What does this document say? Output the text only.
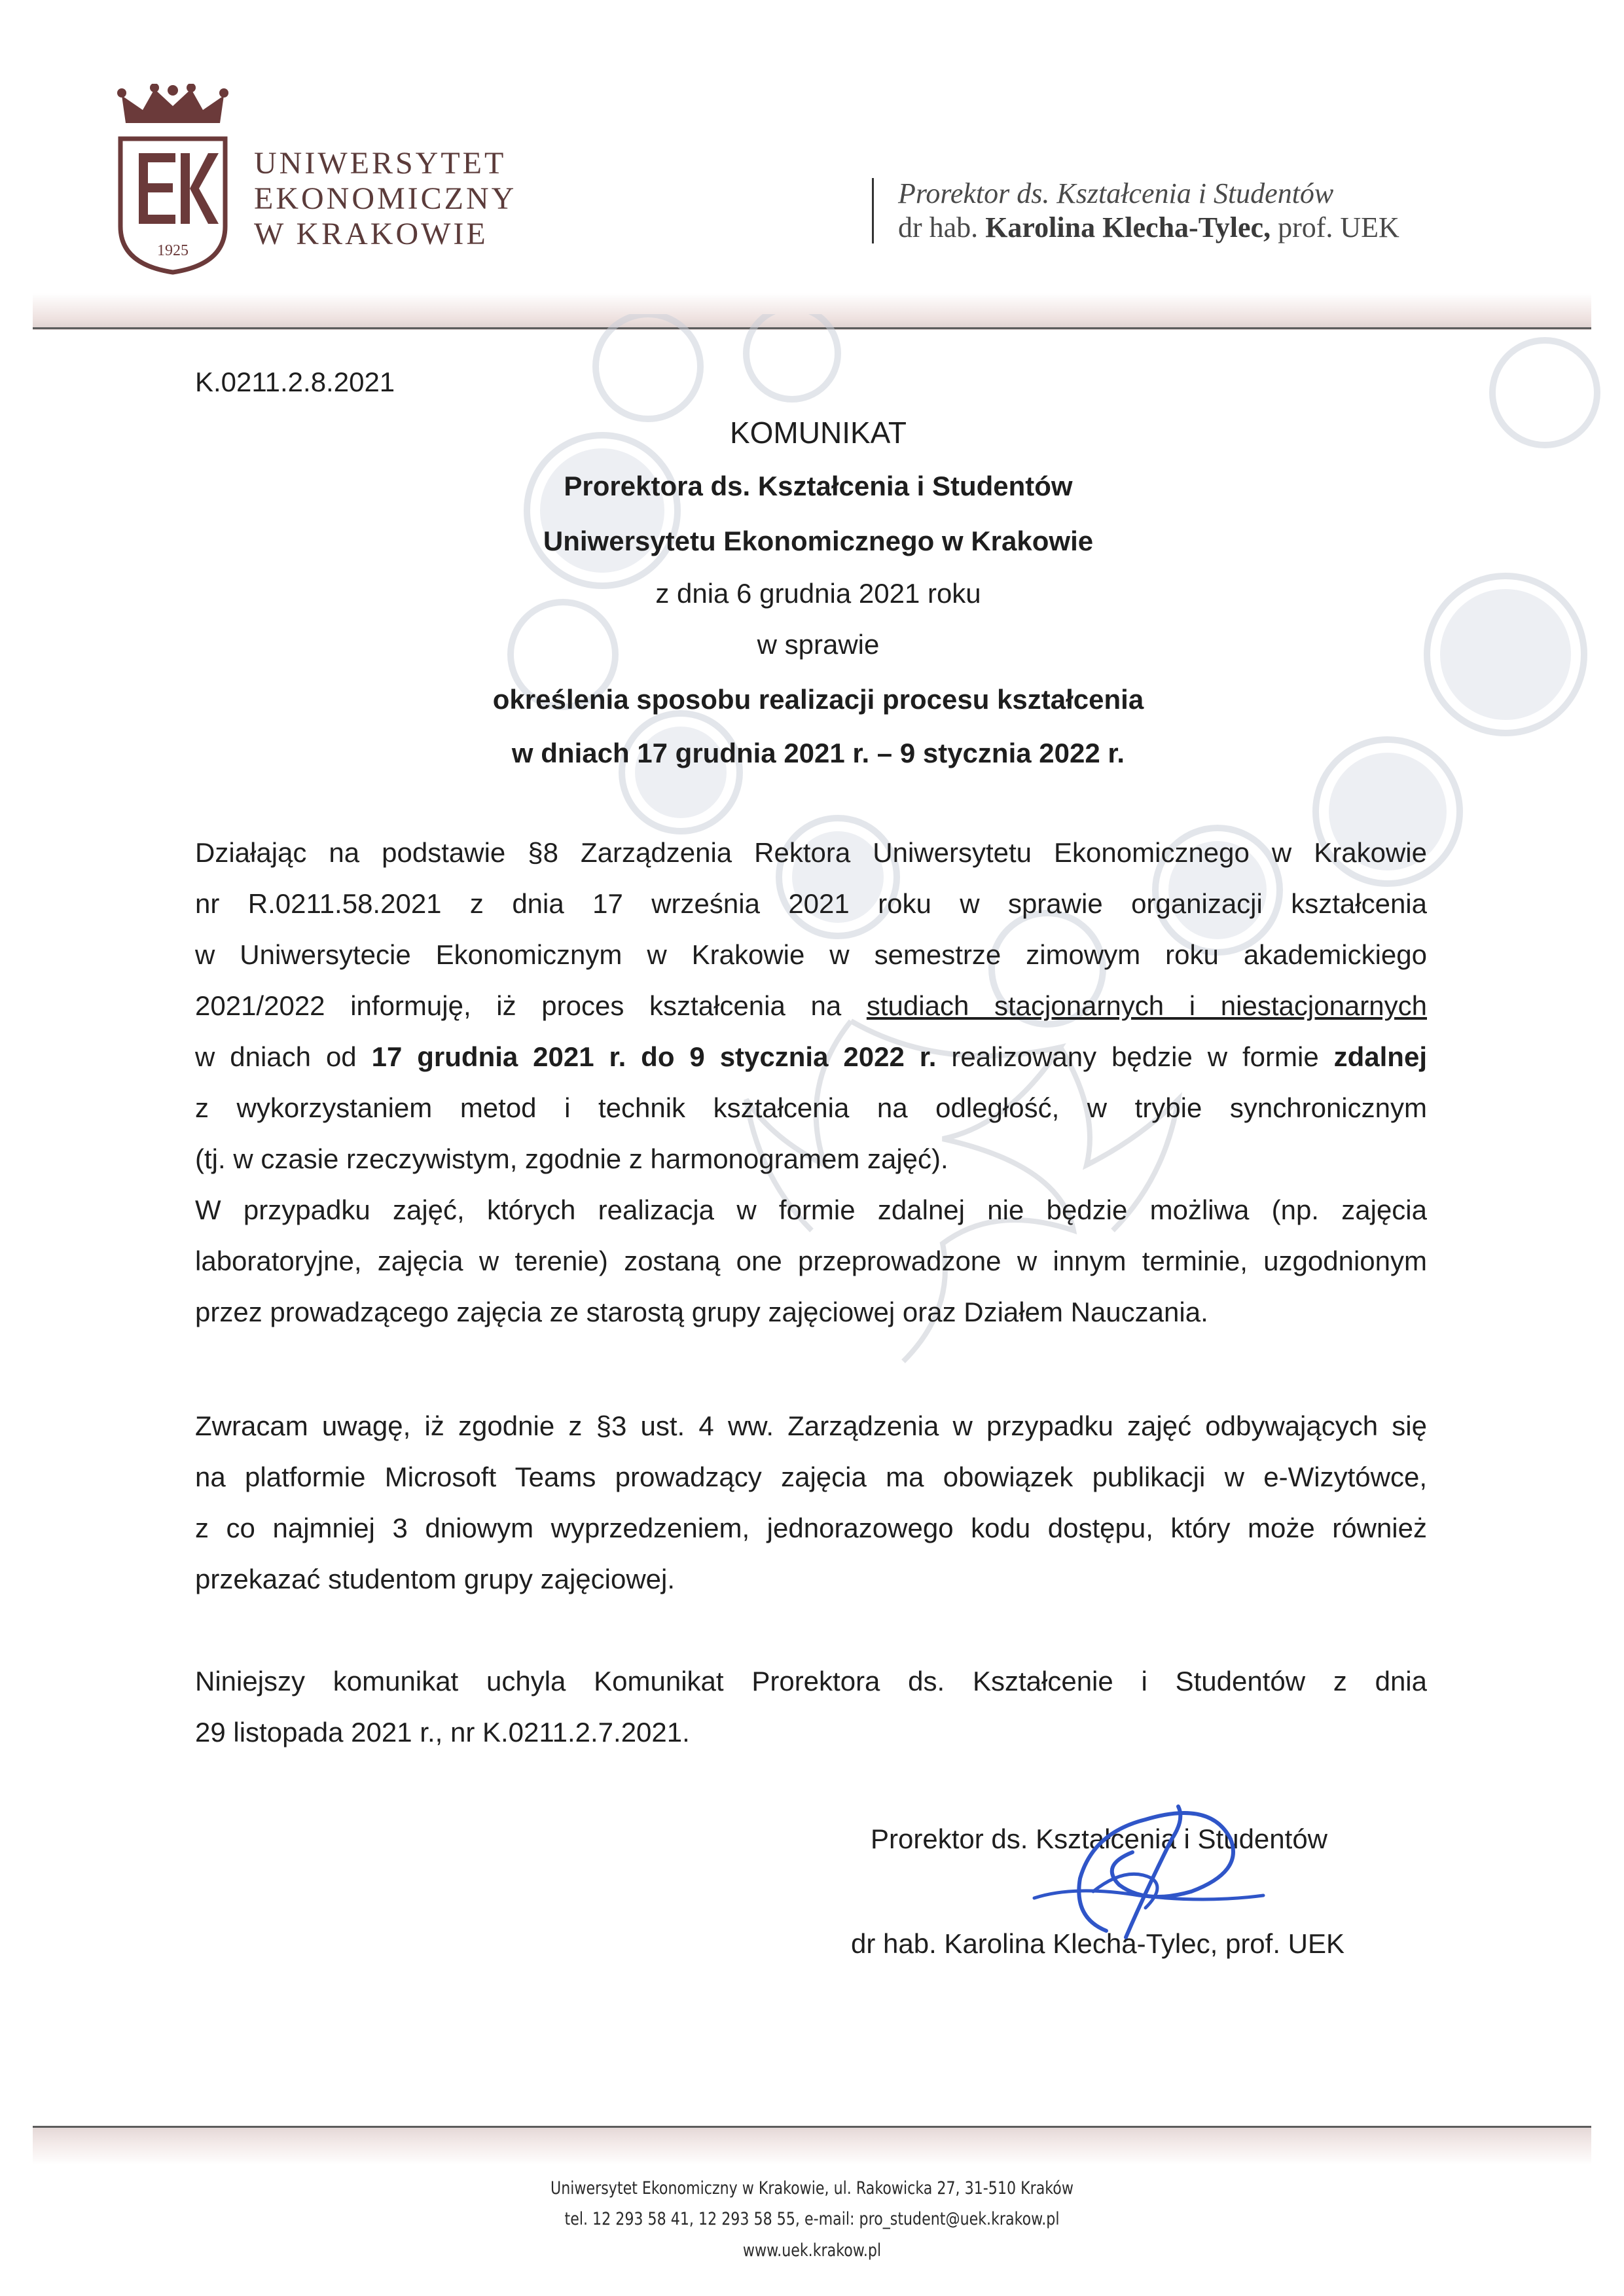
1925
UNIWERSYTET
EKONOMICZNY
W KRAKOWIE
Prorektor ds. Kształcenia i Studentów
dr hab. Karolina Klecha-Tylec, prof. UEK
K.0211.2.8.2021
KOMUNIKAT
Prorektora ds. Kształcenia i Studentów
Uniwersytetu Ekonomicznego w Krakowie
z dnia 6 grudnia 2021 roku
w sprawie
określenia sposobu realizacji procesu kształcenia
w dniach 17 grudnia 2021 r. – 9 stycznia 2022 r.
Działając na podstawie §8 Zarządzenia Rektora Uniwersytetu Ekonomicznego w Krakowie
nr R.0211.58.2021 z dnia 17 września 2021 roku w sprawie organizacji kształcenia
w Uniwersytecie Ekonomicznym w Krakowie w semestrze zimowym roku akademickiego
2021/2022 informuję, iż proces kształcenia na studiach stacjonarnych i niestacjonarnych
w dniach od 17 grudnia 2021 r. do 9 stycznia 2022 r. realizowany będzie w formie zdalnej
z wykorzystaniem metod i technik kształcenia na odległość, w trybie synchronicznym
(tj. w czasie rzeczywistym, zgodnie z harmonogramem zajęć).
W przypadku zajęć, których realizacja w formie zdalnej nie będzie możliwa (np. zajęcia
laboratoryjne, zajęcia w terenie) zostaną one przeprowadzone w innym terminie, uzgodnionym
przez prowadzącego zajęcia ze starostą grupy zajęciowej oraz Działem Nauczania.
Zwracam uwagę, iż zgodnie z §3 ust. 4 ww. Zarządzenia w przypadku zajęć odbywających się
na platformie Microsoft Teams prowadzący zajęcia ma obowiązek publikacji w e-Wizytówce,
z co najmniej 3 dniowym wyprzedzeniem, jednorazowego kodu dostępu, który może również
przekazać studentom grupy zajęciowej.
Niniejszy komunikat uchyla Komunikat Prorektora ds. Kształcenie i Studentów z dnia
29 listopada 2021 r., nr K.0211.2.7.2021.
Prorektor ds. Kształcenia i Studentów
dr hab. Karolina Klecha-Tylec, prof. UEK
Uniwersytet Ekonomiczny w Krakowie, ul. Rakowicka 27, 31-510 Kraków
tel. 12 293 58 41, 12 293 58 55, e-mail: pro_student@uek.krakow.pl
www.uek.krakow.pl
